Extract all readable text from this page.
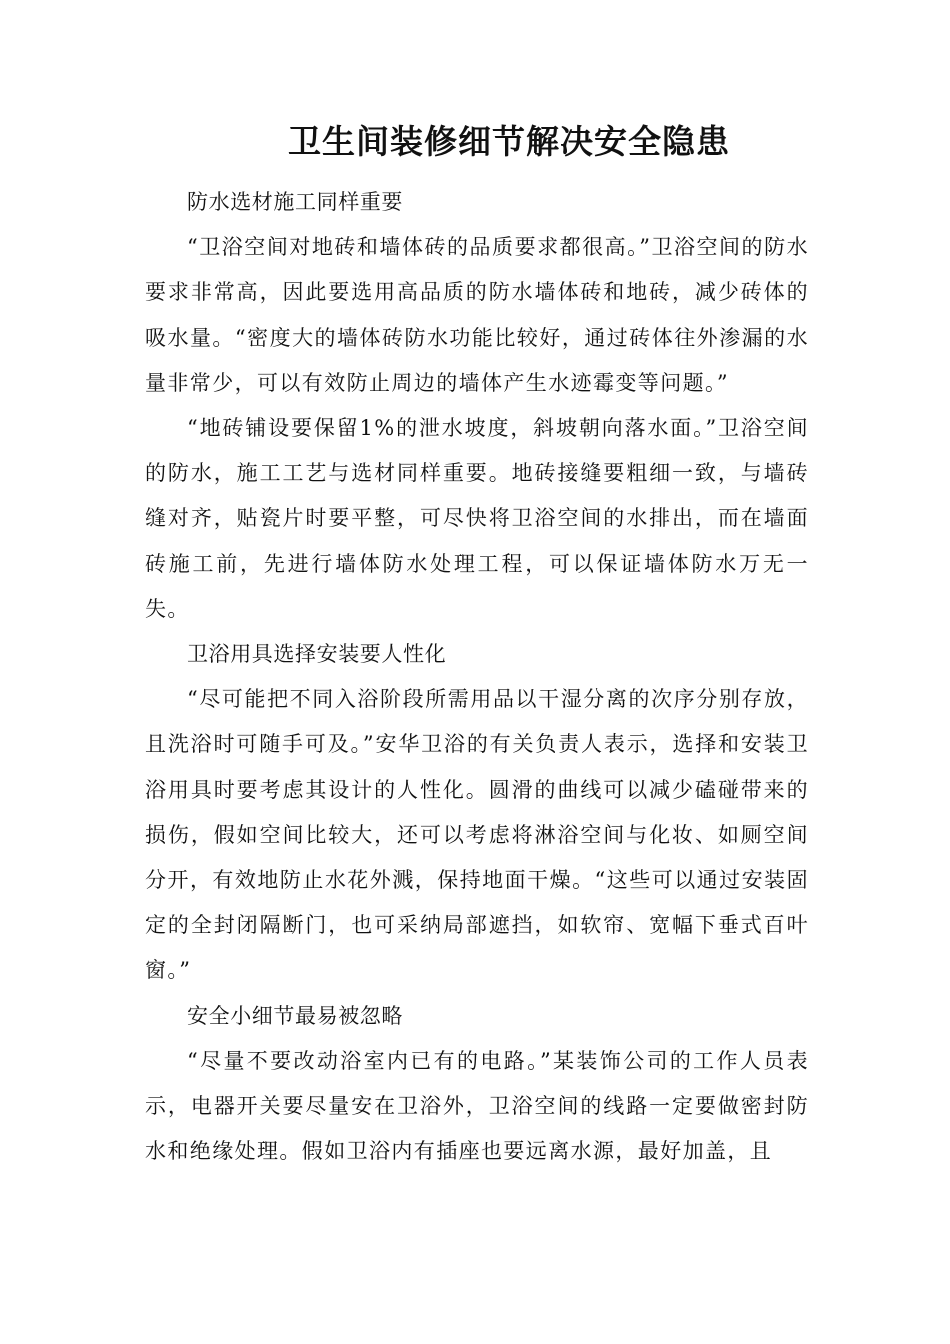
卫生间装修细节解决安全隐患

防水选材施工同样重要

“卫浴空间对地砖和墙体砖的品质要求都很高。”卫浴空间的防水要求非常高，因此要选用高品质的防水墙体砖和地砖，减少砖体的吸水量。“密度大的墙体砖防水功能比较好，通过砖体往外渗漏的水量非常少，可以有效防止周边的墙体产生水迹霉变等问题。”

“地砖铺设要保留1%的泄水坡度，斜坡朝向落水面。”卫浴空间的防水，施工工艺与选材同样重要。地砖接缝要粗细一致，与墙砖缝对齐，贴瓷片时要平整，可尽快将卫浴空间的水排出，而在墙面砖施工前，先进行墙体防水处理工程，可以保证墙体防水万无一失。

卫浴用具选择安装要人性化

“尽可能把不同入浴阶段所需用品以干湿分离的次序分别存放，且洗浴时可随手可及。”安华卫浴的有关负责人表示，选择和安装卫浴用具时要考虑其设计的人性化。圆滑的曲线可以减少磕碰带来的损伤，假如空间比较大，还可以考虑将淋浴空间与化妆、如厕空间分开，有效地防止水花外溅，保持地面干燥。“这些可以通过安装固定的全封闭隔断门，也可采纳局部遮挡，如软帘、宽幅下垂式百叶窗。”

安全小细节最易被忽略

“尽量不要改动浴室内已有的电路。”某装饰公司的工作人员表示，电器开关要尽量安在卫浴外，卫浴空间的线路一定要做密封防水和绝缘处理。假如卫浴内有插座也要远离水源，最好加盖，且
